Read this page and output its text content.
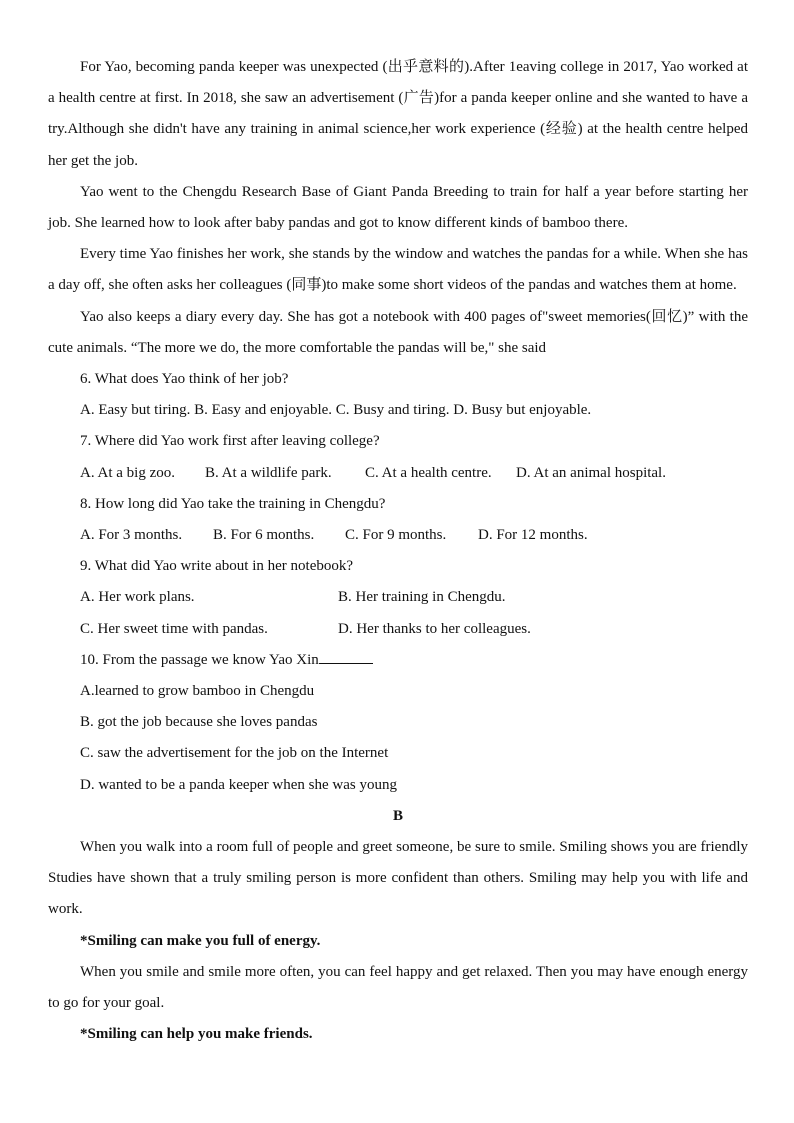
For Yao, becoming panda keeper was unexpected (出乎意料的).After 1eaving college in 2017, Yao worked at a health centre at first. In 2018, she saw an advertisement (广告)for a panda keeper online and she wanted to have a try.Although she didn't have any training in animal science,her work experience (经验) at the health centre helped her get the job.

Yao went to the Chengdu Research Base of Giant Panda Breeding to train for half a year before starting her job. She learned how to look after baby pandas and got to know different kinds of bamboo there.

Every time Yao finishes her work, she stands by the window and watches the pandas for a while. When she has a day off, she often asks her colleagues (同事)to make some short videos of the pandas and watches them at home.

Yao also keeps a diary every day. She has got a notebook with 400 pages of"sweet memories(回忆)” with the cute animals. “The more we do, the more comfortable the pandas will be," she said

6. What does Yao think of her job?

A. Easy but tiring. B. Easy and enjoyable. C. Busy and tiring. D. Busy but enjoyable.

7. Where did Yao work first after leaving college?

A. At a big zoo.	B. At a wildlife park.	C. At a health centre.	D. At an animal hospital.

8. How long did Yao take the training in Chengdu?

A. For 3 months.	B. For 6 months.	C. For 9 months.	D. For 12 months.

9. What did Yao write about in her notebook?

A. Her work plans.	B. Her training in Chengdu.
C. Her sweet time with pandas.	D. Her thanks to her colleagues.

10. From the passage we know Yao Xin

A.learned to grow bamboo in Chengdu

B. got the job because she loves pandas

C. saw the advertisement for the job on the Internet

D. wanted to be a panda keeper when she was young

B

When you walk into a room full of people and greet someone, be sure to smile. Smiling shows you are friendly Studies have shown that a truly smiling person is more confident than others. Smiling may help you with life and work.

*Smiling can make you full of energy.

When you smile and smile more often, you can feel happy and get relaxed. Then you may have enough energy to go for your goal.

*Smiling can help you make friends.
